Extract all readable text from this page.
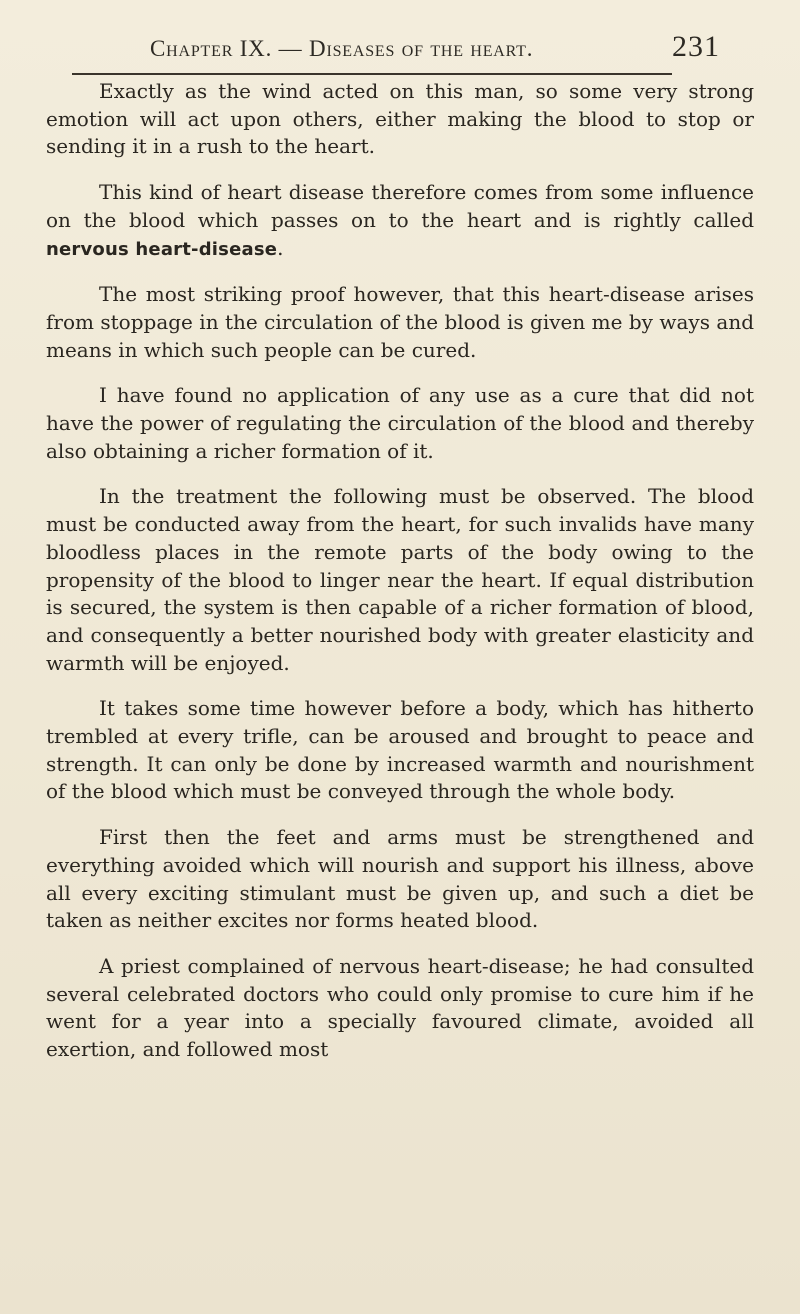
Chapter IX. — Diseases of the heart.	231

Exactly as the wind acted on this man, so some very strong emotion will act upon others, either making the blood to stop or sending it in a rush to the heart.

This kind of heart disease therefore comes from some influence on the blood which passes on to the heart and is rightly called nervous heart-disease.

The most striking proof however, that this heart-disease arises from stoppage in the circulation of the blood is given me by ways and means in which such people can be cured.

I have found no application of any use as a cure that did not have the power of regulating the circulation of the blood and thereby also obtaining a richer formation of it.

In the treatment the following must be observed. The blood must be conducted away from the heart, for such invalids have many bloodless places in the remote parts of the body owing to the propensity of the blood to linger near the heart. If equal distribution is secured, the system is then capable of a richer formation of blood, and consequently a better nourished body with greater elasticity and warmth will be enjoyed.

It takes some time however before a body, which has hitherto trembled at every trifle, can be aroused and brought to peace and strength. It can only be done by increased warmth and nourishment of the blood which must be conveyed through the whole body.

First then the feet and arms must be strengthened and everything avoided which will nourish and support his illness, above all every exciting stimulant must be given up, and such a diet be taken as neither excites nor forms heated blood.

A priest complained of nervous heart-disease; he had consulted several celebrated doctors who could only promise to cure him if he went for a year into a specially favoured climate, avoided all exertion, and followed most
